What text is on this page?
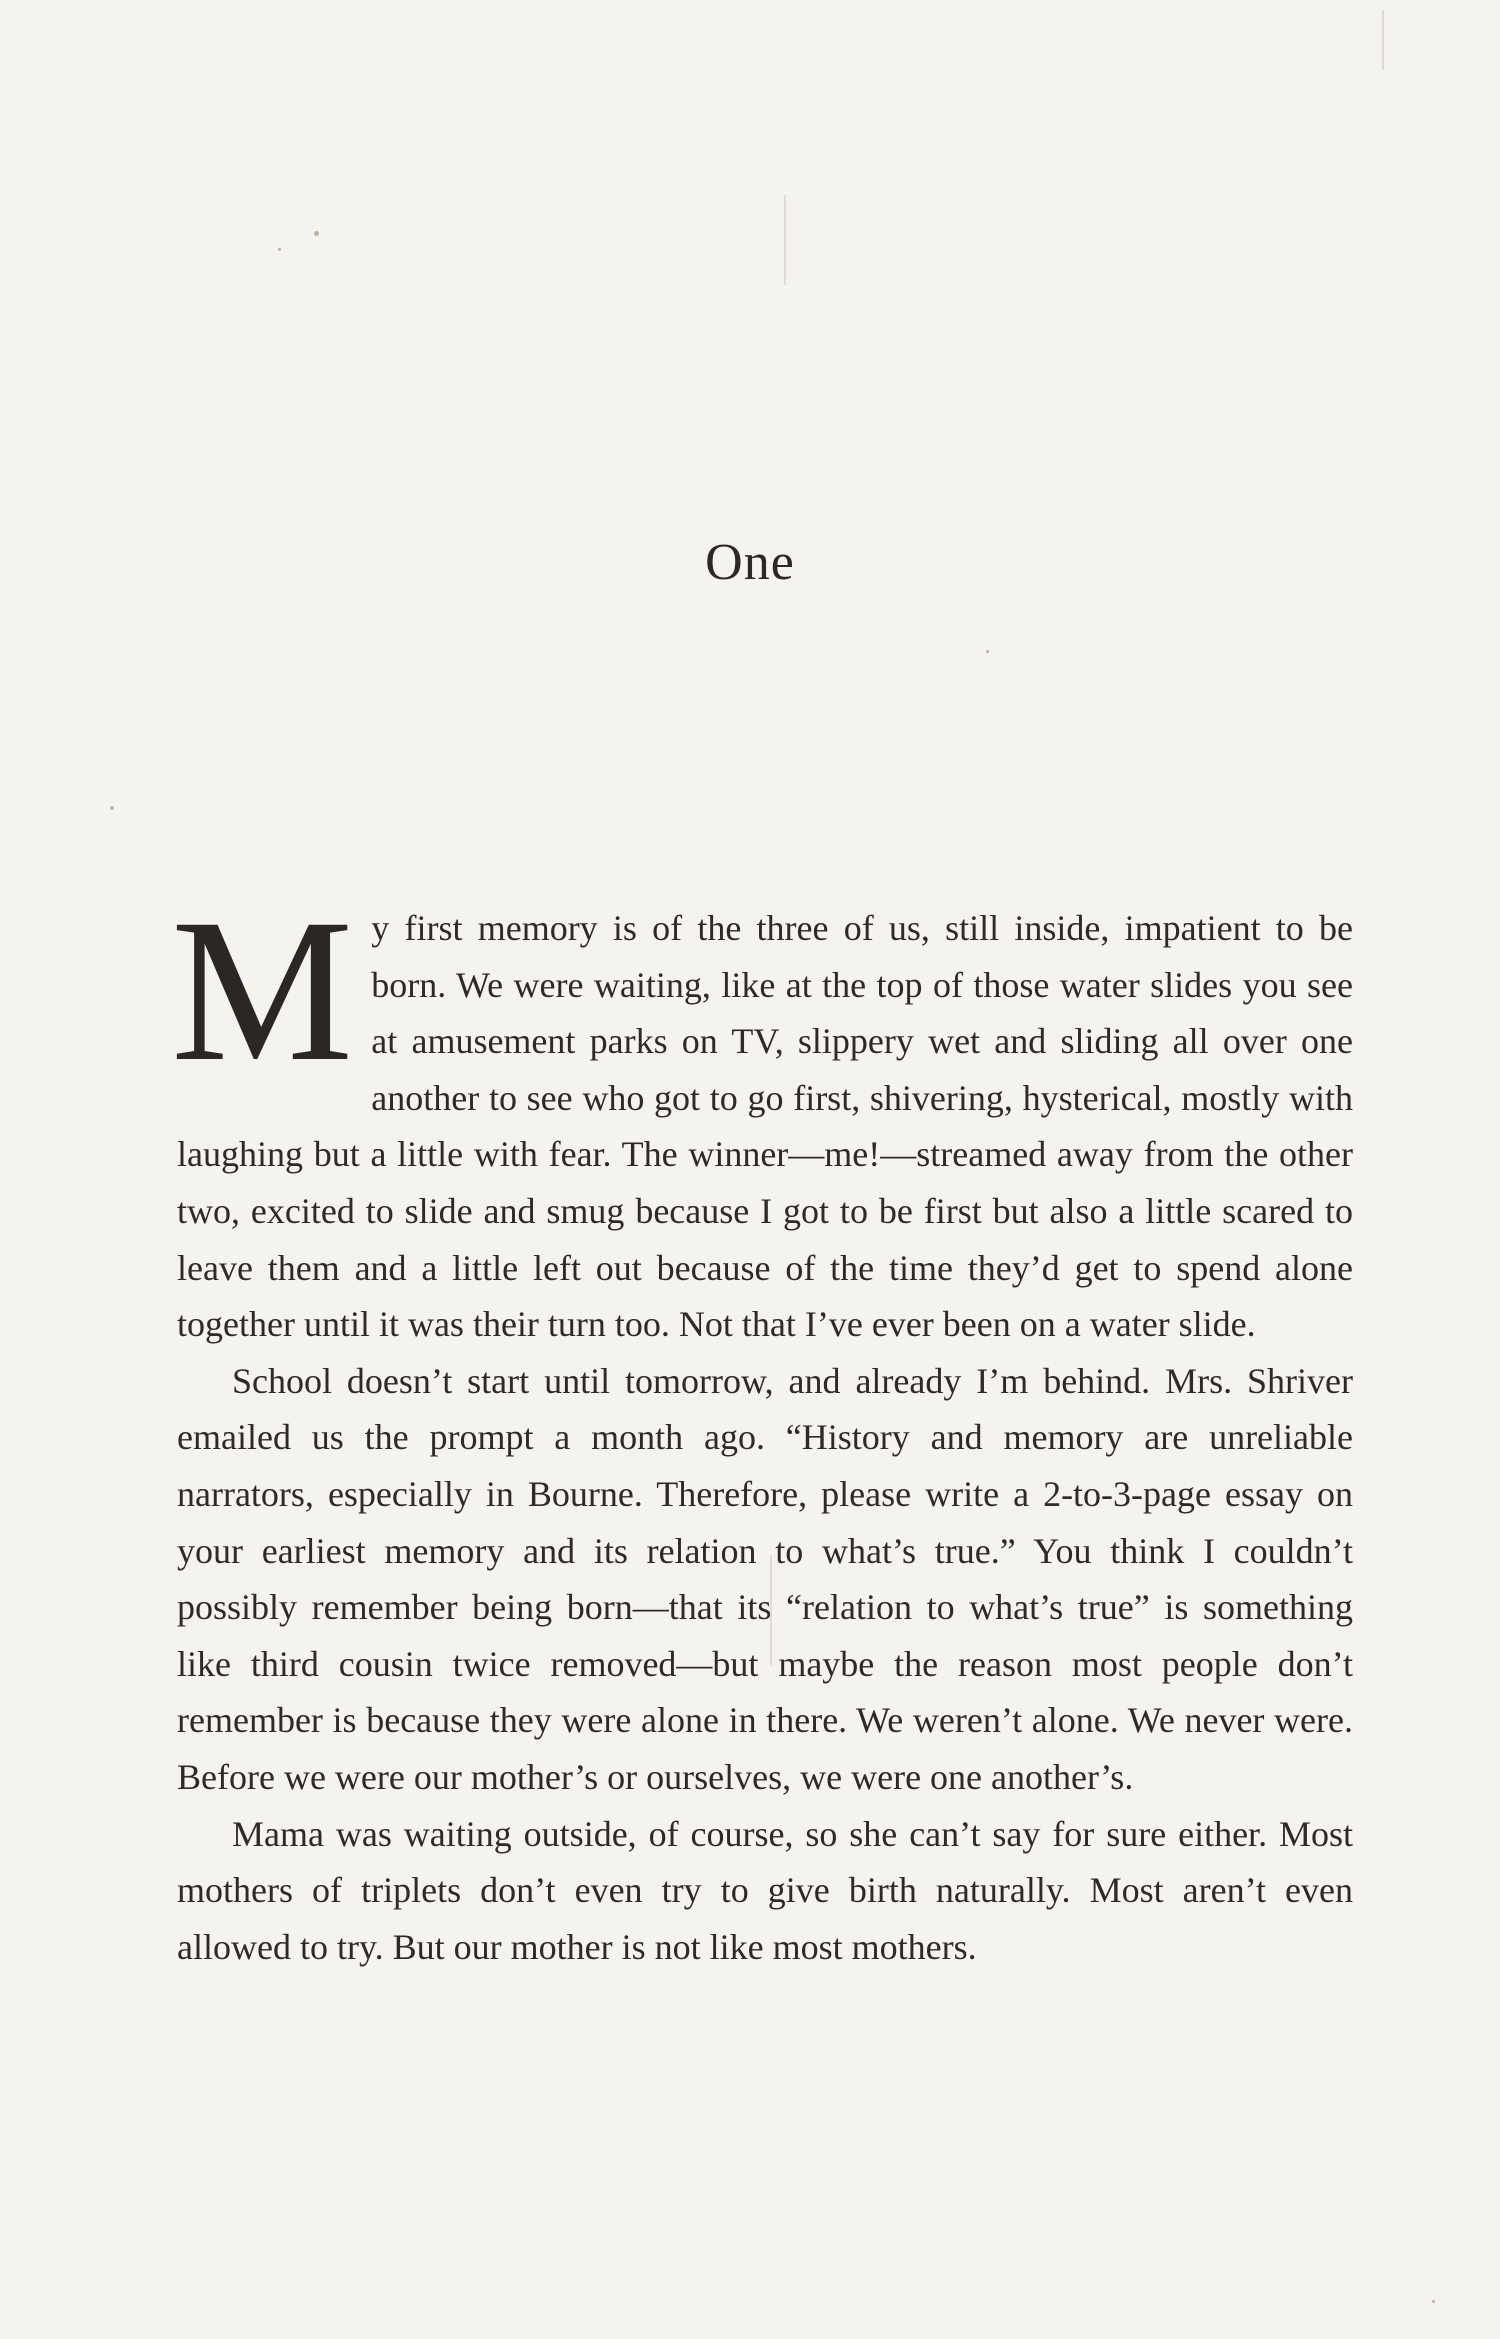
One

My first memory is of the three of us, still inside, impatient to be born. We were waiting, like at the top of those water slides you see at amusement parks on TV, slippery wet and sliding all over one another to see who got to go first, shivering, hysterical, mostly with laughing but a little with fear. The winner—me!—streamed away from the other two, excited to slide and smug because I got to be first but also a little scared to leave them and a little left out because of the time they’d get to spend alone together until it was their turn too. Not that I’ve ever been on a water slide.

School doesn’t start until tomorrow, and already I’m behind. Mrs. Shriver emailed us the prompt a month ago. “History and memory are unreliable narrators, especially in Bourne. Therefore, please write a 2-to-3-page essay on your earliest memory and its relation to what’s true.” You think I couldn’t possibly remember being born—that its “relation to what’s true” is something like third cousin twice removed—but maybe the reason most people don’t remember is because they were alone in there. We weren’t alone. We never were. Before we were our mother’s or ourselves, we were one another’s.

Mama was waiting outside, of course, so she can’t say for sure either. Most mothers of triplets don’t even try to give birth naturally. Most aren’t even allowed to try. But our mother is not like most mothers.
